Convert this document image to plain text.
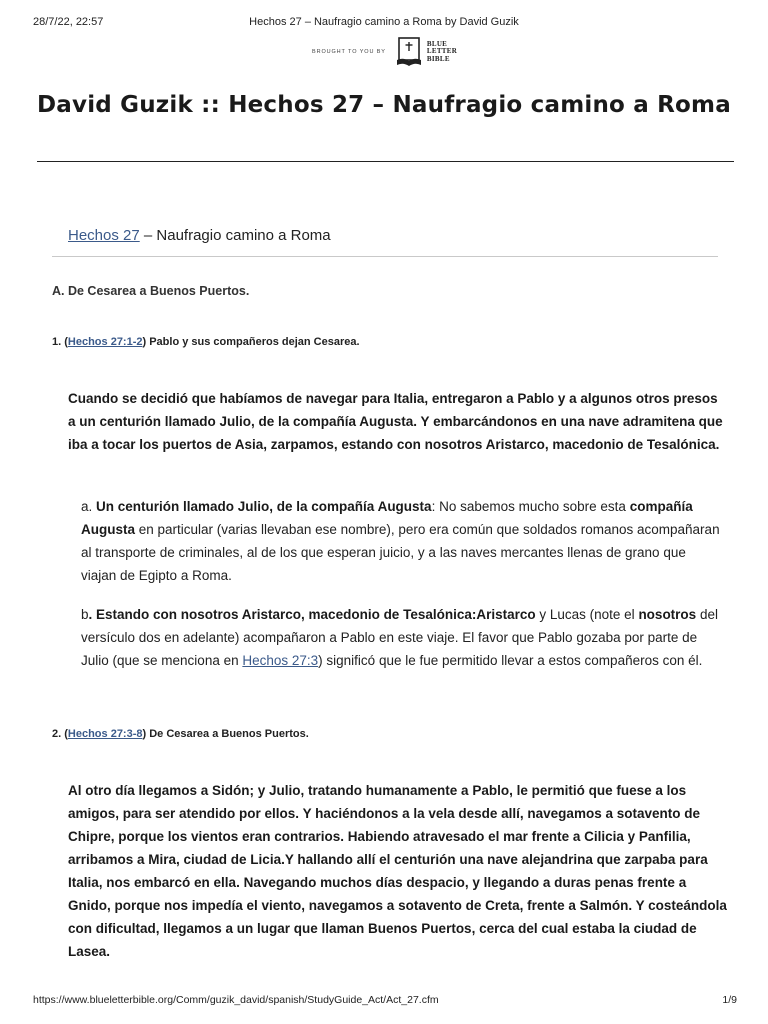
28/7/22, 22:57	Hechos 27 – Naufragio camino a Roma by David Guzik
BROUGHT TO YOU BY
BLUE
LETTER
BIBLE
David Guzik :: Hechos 27 – Naufragio camino a Roma
Hechos 27 – Naufragio camino a Roma
A. De Cesarea a Buenos Puertos.
1. (Hechos 27:1-2) Pablo y sus compañeros dejan Cesarea.
Cuando se decidió que habíamos de navegar para Italia, entregaron a Pablo y a algunos otros presos a un centurión llamado Julio, de la compañía Augusta. Y embarcándonos en una nave adramitena que iba a tocar los puertos de Asia, zarpamos, estando con nosotros Aristarco, macedonio de Tesalónica.
a. Un centurión llamado Julio, de la compañía Augusta: No sabemos mucho sobre esta compañía Augusta en particular (varias llevaban ese nombre), pero era común que soldados romanos acompañaran al transporte de criminales, al de los que esperan juicio, y a las naves mercantes llenas de grano que viajan de Egipto a Roma.
b. Estando con nosotros Aristarco, macedonio de Tesalónica:Aristarco y Lucas (note el nosotros del versículo dos en adelante) acompañaron a Pablo en este viaje. El favor que Pablo gozaba por parte de Julio (que se menciona en Hechos 27:3) significó que le fue permitido llevar a estos compañeros con él.
2. (Hechos 27:3-8) De Cesarea a Buenos Puertos.
Al otro día llegamos a Sidón; y Julio, tratando humanamente a Pablo, le permitió que fuese a los amigos, para ser atendido por ellos. Y haciéndonos a la vela desde allí, navegamos a sotavento de Chipre, porque los vientos eran contrarios. Habiendo atravesado el mar frente a Cilicia y Panfilia, arribamos a Mira, ciudad de Licia.Y hallando allí el centurión una nave alejandrina que zarpaba para Italia, nos embarcó en ella. Navegando muchos días despacio, y llegando a duras penas frente a Gnido, porque nos impedía el viento, navegamos a sotavento de Creta, frente a Salmón. Y costeándola con dificultad, llegamos a un lugar que llaman Buenos Puertos, cerca del cual estaba la ciudad de Lasea.
https://www.blueletterbible.org/Comm/guzik_david/spanish/StudyGuide_Act/Act_27.cfm	1/9
